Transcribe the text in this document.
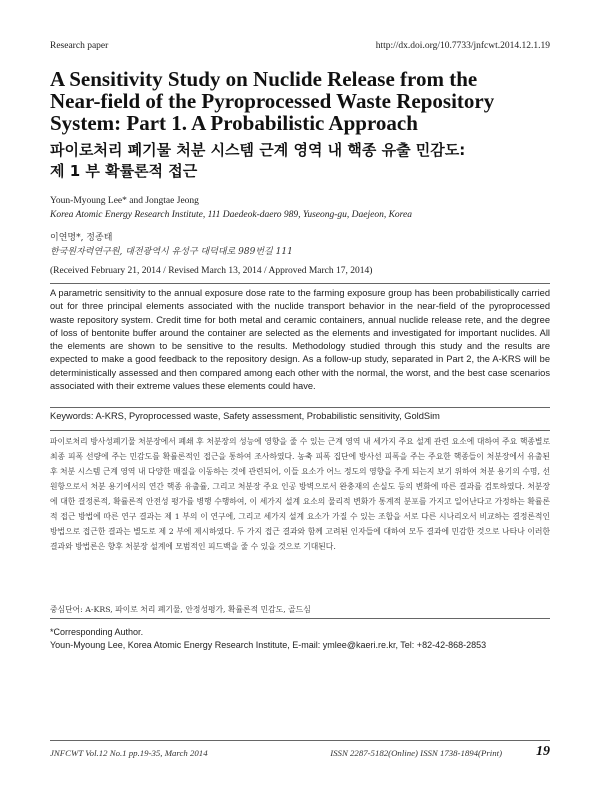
Research paper	http://dx.doi.org/10.7733/jnfcwt.2014.12.1.19
A Sensitivity Study on Nuclide Release from the
Near-field of the Pyroprocessed Waste Repository
System: Part 1. A Probabilistic Approach
파이로처리 폐기물 처분 시스템 근계 영역 내 핵종 유출 민감도:
제 1 부 확률론적 접근
Youn-Myoung Lee* and Jongtae Jeong
Korea Atomic Energy Research Institute, 111 Daedeok-daero 989, Yuseong-gu, Daejeon, Korea
이연명*, 정종태
한국원자력연구원, 대전광역시 유성구 대덕대로 989번길 111
(Received February 21, 2014 / Revised March 13, 2014 / Approved March 17, 2014)
A parametric sensitivity to the annual exposure dose rate to the farming exposure group has been probabilistically carried out for three principal elements associated with the nuclide transport behavior in the near-field of the pyroprocessed waste repository system. Credit time for both metal and ceramic containers, annual nuclide release rete, and the degree of loss of bentonite buffer around the container are selected as the elements and investigated for important nuclides. All the elements are shown to be sensitive to the results. Methodology studied through this study and the results are expected to make a good feedback to the repository design. As a follow-up study, separated in Part 2, the A-KRS will be deterministically assessed and then compared among each other with the normal, the worst, and the best case scenarios associated with their extreme values these elements could have.
Keywords: A-KRS, Pyroprocessed waste, Safety assessment, Probabilistic sensitivity, GoldSim
파이로처리 방사성폐기물 처분장에서 폐쇄 후 처분장의 성능에 영향을 줄 수 있는 근계 영역 내 세가지 주요 설계 관련 요소에 대하여 주요 핵종별로 최종 피폭 선량에 주는 민감도를 확률론적인 접근을 통하여 조사하였다. 농축 피폭 집단에 방사선 피폭을 주는 주요한 핵종들이 처분장에서 유출된 후 처분 시스템 근계 영역 내 다양한 매질을 이동하는 것에 관련되어, 이들 요소가 어느 정도의 영향을 주게 되는지 보기 위하여 처분 용기의 수명, 선원항으로서 처분 용기에서의 연간 핵종 유출률, 그리고 처분장 주요 인공 방벽으로서 완충재의 손실도 등의 변화에 따른 결과를 검토하였다. 처분장에 대한 결정론적, 확률론적 안전성 평가를 병행 수행하여, 이 세가지 설계 요소의 물리적 변화가 통계적 분포를 가지고 일어난다고 가정하는 확률론적 접근 방법에 따른 연구 결과는 제 1 부의 이 연구에, 그리고 세가지 설계 요소가 가질 수 있는 조합을 서로 다른 시나리오서 비교하는 결정론적인 방법으로 접근한 결과는 별도로 제 2 부에 제시하였다. 두 가지 접근 결과와 함께 고려된 인자들에 대하여 모두 결과에 민감한 것으로 나타나 이러한 결과와 방법론은 향후 처분장 설계에 모범적인 피드백을 줄 수 있을 것으로 기대된다.
중심단어: A-KRS, 파이로 처리 폐기물, 안정성평가, 확률론적 민감도, 골드심
*Corresponding Author.
Youn-Myoung Lee, Korea Atomic Energy Research Institute, E-mail: ymlee@kaeri.re.kr, Tel: +82-42-868-2853
JNFCWT Vol.12 No.1 pp.19-35, March 2014	ISSN 2287-5182(Online) ISSN 1738-1894(Print) 19
